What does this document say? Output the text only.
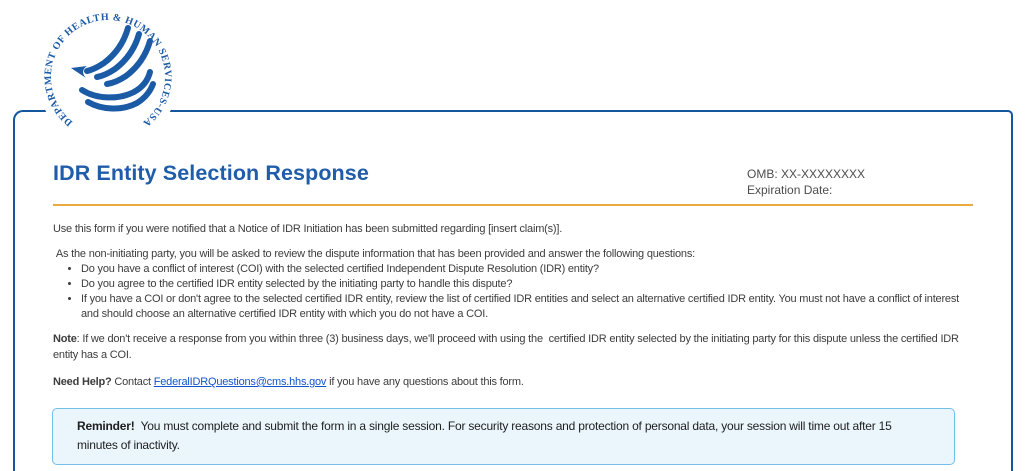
DEPARTMENT OF HEALTH & HUMAN SERVICES-USA
IDR Entity Selection Response	OMB: XX-XXXXXXXX
Expiration Date:

Use this form if you were notified that a Notice of IDR Initiation has been submitted regarding [insert claim(s)].

As the non-initiating party, you will be asked to review the dispute information that has been provided and answer the following questions:

• Do you have a conflict of interest (COI) with the selected certified Independent Dispute Resolution (IDR) entity?
• Do you agree to the certified IDR entity selected by the initiating party to handle this dispute?
• If you have a COI or don't agree to the selected certified IDR entity, review the list of certified IDR entities and select an alternative certified IDR entity. You must not have a conflict of interest and should choose an alternative certified IDR entity with which you do not have a COI.

Note: If we don't receive a response from you within three (3) business days, we'll proceed with using the  certified IDR entity selected by the initiating party for this dispute unless the certified IDR entity has a COI.

Need Help? Contact FederalIDRQuestions@cms.hhs.gov if you have any questions about this form.

Reminder!  You must complete and submit the form in a single session. For security reasons and protection of personal data, your session will time out after 15 minutes of inactivity.
